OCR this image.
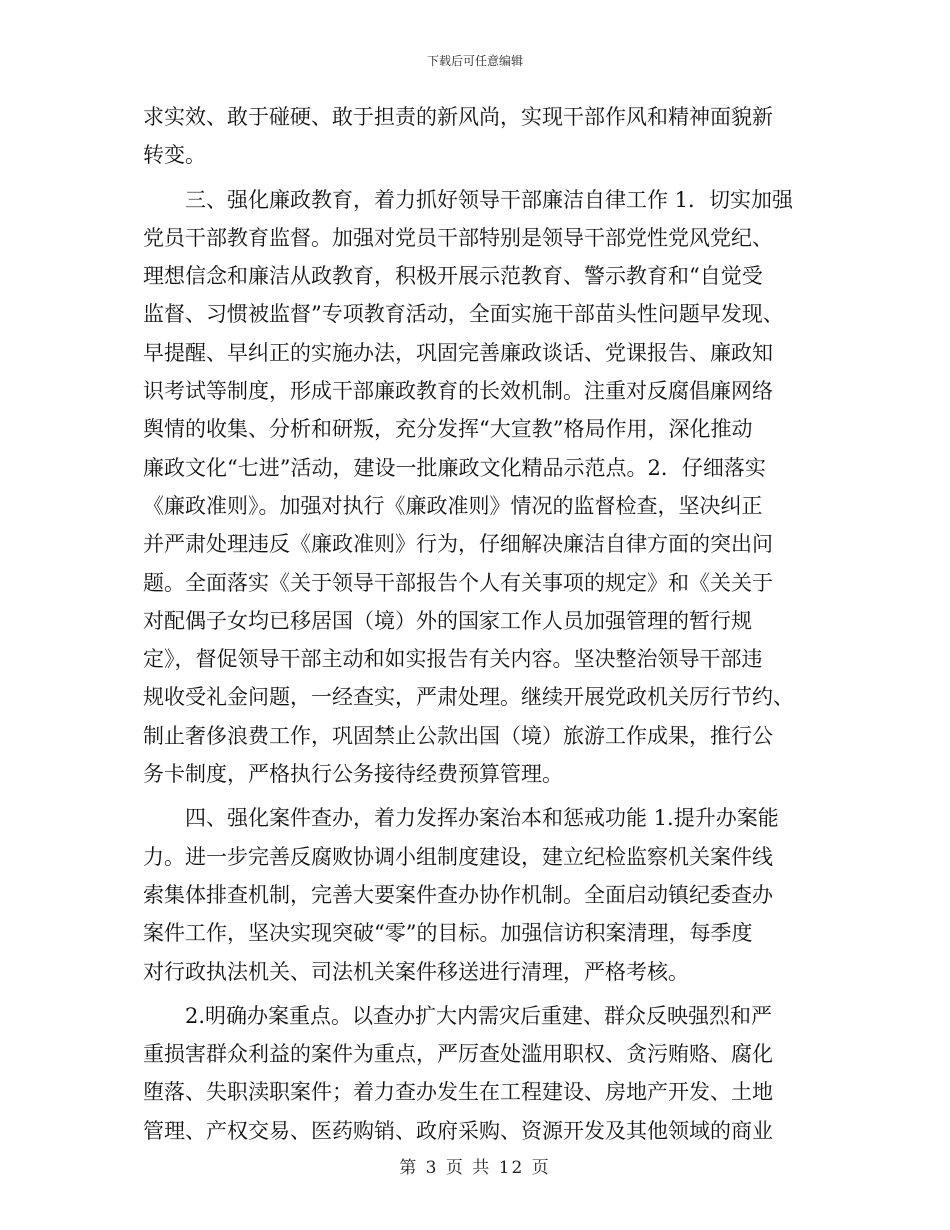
下载后可任意编辑
求实效、敢于碰硬、敢于担责的新风尚，实现干部作风和精神面貌新
转变。
三、强化廉政教育，着力抓好领导干部廉洁自律工作 1．切实加强
党员干部教育监督。加强对党员干部特别是领导干部党性党风党纪、
理想信念和廉洁从政教育，积极开展示范教育、警示教育和“自觉受
监督、习惯被监督”专项教育活动，全面实施干部苗头性问题早发现、
早提醒、早纠正的实施办法，巩固完善廉政谈话、党课报告、廉政知
识考试等制度，形成干部廉政教育的长效机制。注重对反腐倡廉网络
舆情的收集、分析和研叛，充分发挥“大宣教”格局作用，深化推动
廉政文化“七进”活动，建设一批廉政文化精品示范点。2．仔细落实
《廉政准则》。加强对执行《廉政准则》情况的监督检查，坚决纠正
并严肃处理违反《廉政准则》行为，仔细解决廉洁自律方面的突出问
题。全面落实《关于领导干部报告个人有关事项的规定》和《关关于
对配偶子女均已移居国（境）外的国家工作人员加强管理的暂行规
定》，督促领导干部主动和如实报告有关内容。坚决整治领导干部违
规收受礼金问题，一经查实，严肃处理。继续开展党政机关厉行节约、
制止奢侈浪费工作，巩固禁止公款出国（境）旅游工作成果，推行公
务卡制度，严格执行公务接待经费预算管理。
四、强化案件查办，着力发挥办案治本和惩戒功能 1.提升办案能
力。进一步完善反腐败协调小组制度建设，建立纪检监察机关案件线
索集体排查机制，完善大要案件查办协作机制。全面启动镇纪委查办
案件工作，坚决实现突破“零”的目标。加强信访积案清理，每季度
对行政执法机关、司法机关案件移送进行清理，严格考核。
2.明确办案重点。以查办扩大内需灾后重建、群众反映强烈和严
重损害群众利益的案件为重点，严厉查处滥用职权、贪污贿赂、腐化
堕落、失职渎职案件；着力查办发生在工程建设、房地产开发、土地
管理、产权交易、医药购销、政府采购、资源开发及其他领域的商业
第 3 页 共 12 页
